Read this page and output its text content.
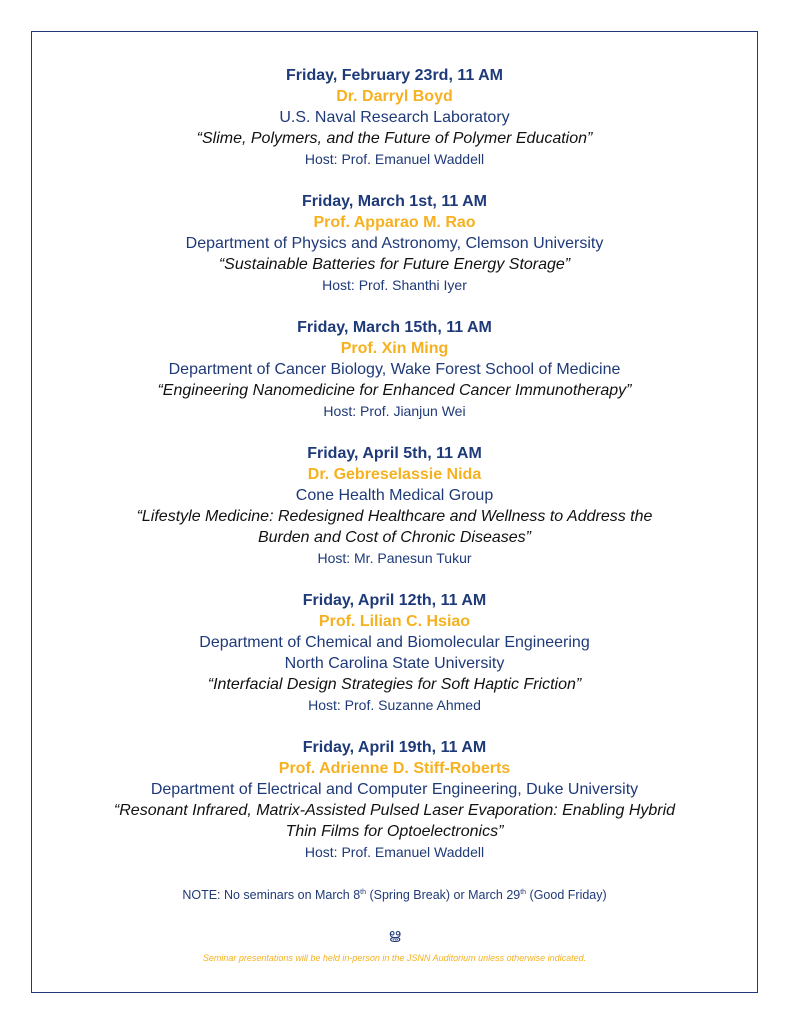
Friday, February 23rd, 11 AM

Dr. Darryl Boyd

U.S. Naval Research Laboratory

“Slime, Polymers, and the Future of Polymer Education”

Host: Prof. Emanuel Waddell

Friday, March 1st, 11 AM

Prof. Apparao M. Rao

Department of Physics and Astronomy, Clemson University

“Sustainable Batteries for Future Energy Storage”

Host: Prof. Shanthi Iyer

Friday, March 15th, 11 AM

Prof. Xin Ming

Department of Cancer Biology, Wake Forest School of Medicine

“Engineering Nanomedicine for Enhanced Cancer Immunotherapy”

Host: Prof. Jianjun Wei

Friday, April 5th, 11 AM

Dr. Gebreselassie Nida

Cone Health Medical Group

“Lifestyle Medicine: Redesigned Healthcare and Wellness to Address the

Burden and Cost of Chronic Diseases”

Host: Mr. Panesun Tukur

Friday, April 12th, 11 AM

Prof. Lilian C. Hsiao

Department of Chemical and Biomolecular Engineering

North Carolina State University

“Interfacial Design Strategies for Soft Haptic Friction”

Host: Prof. Suzanne Ahmed

Friday, April 19th, 11 AM

Prof. Adrienne D. Stiff-Roberts

Department of Electrical and Computer Engineering, Duke University

“Resonant Infrared, Matrix-Assisted Pulsed Laser Evaporation: Enabling Hybrid

Thin Films for Optoelectronics”

Host: Prof. Emanuel Waddell

NOTE: No seminars on March 8th (Spring Break) or March 29th (Good Friday)
ൠ
Seminar presentations will be held in-person in the JSNN Auditorium unless otherwise indicated.
